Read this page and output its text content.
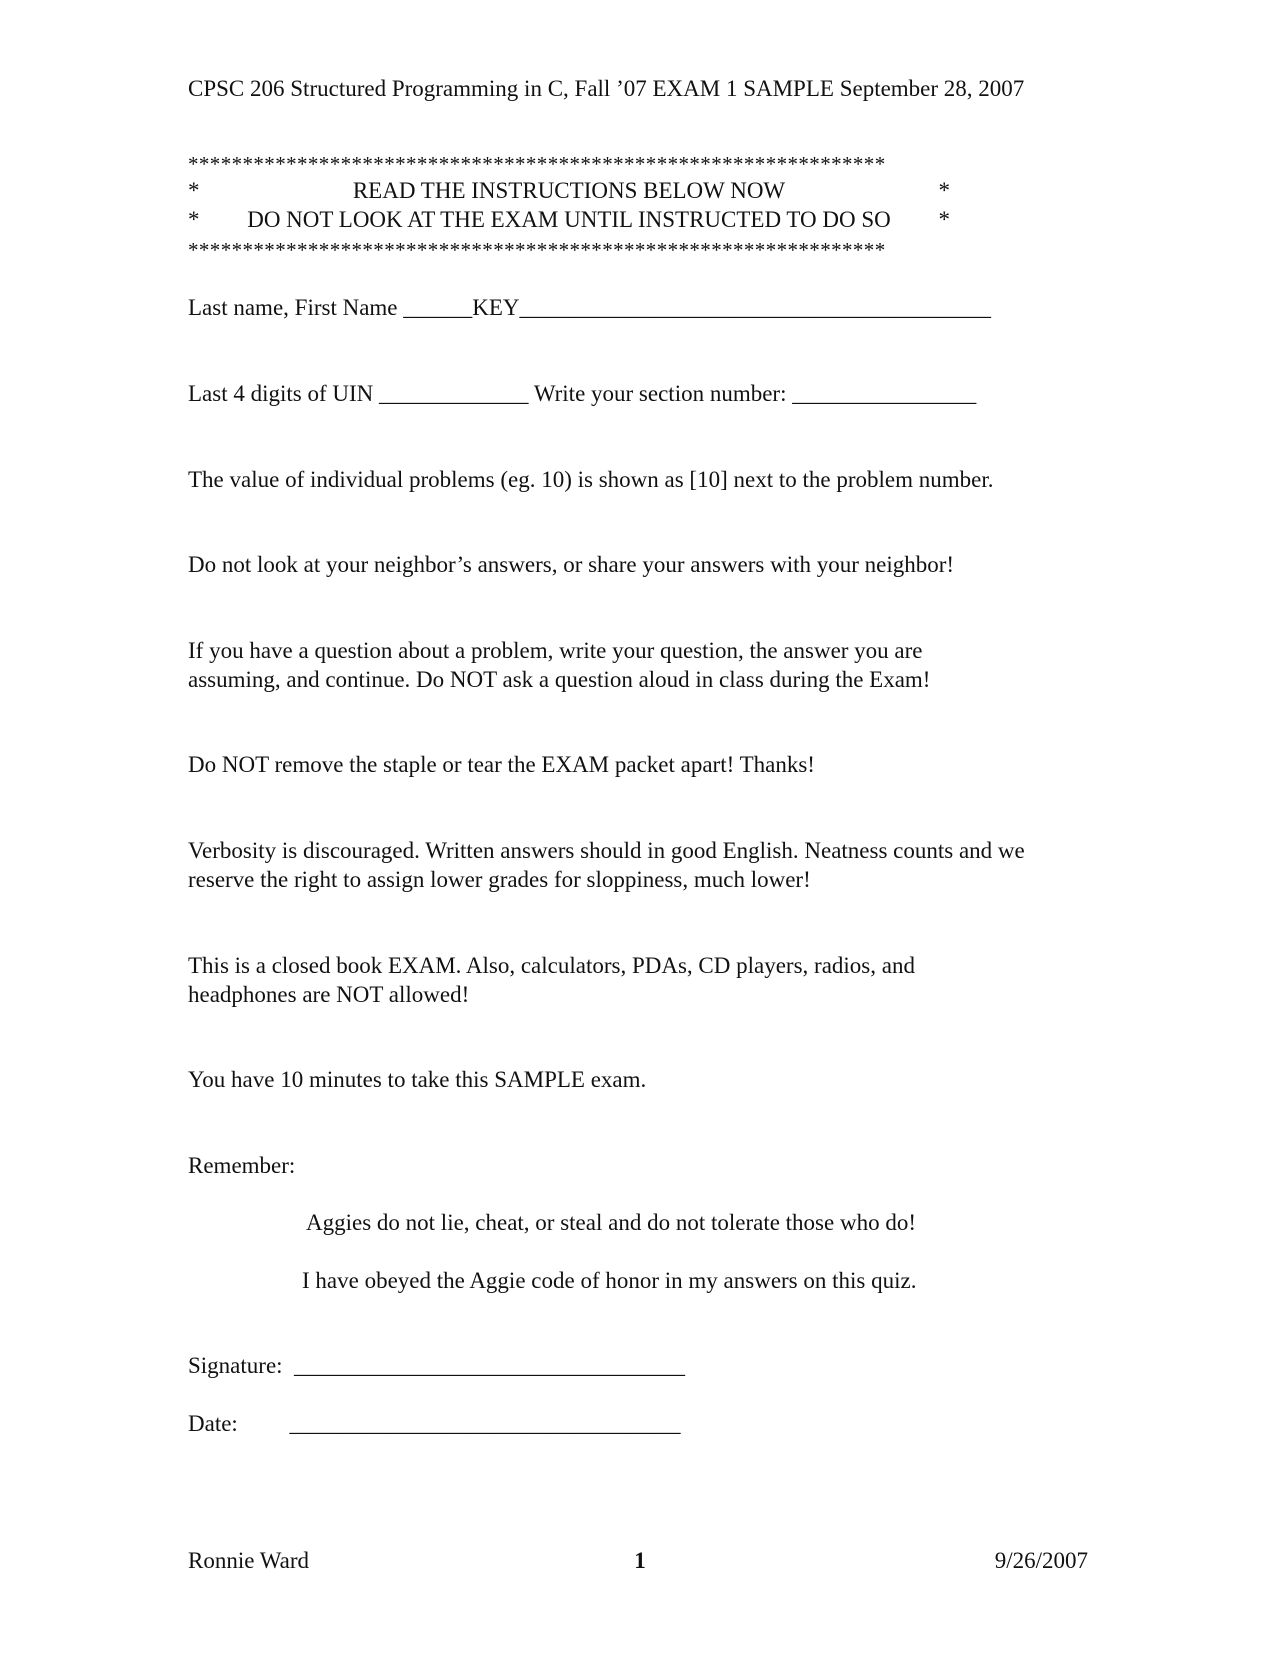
CPSC 206 Structured Programming in C, Fall ’07 EXAM 1 SAMPLE September 28, 2007
****************************************************************
*	READ THE INSTRUCTIONS BELOW NOW	*
*	DO NOT LOOK AT THE EXAM UNTIL INSTRUCTED TO DO SO	*
****************************************************************
Last name, First Name ______KEY_________________________________________
Last 4 digits of UIN _____________ Write your section number: ________________

The value of individual problems (eg. 10) is shown as [10] next to the problem number.

Do not look at your neighbor’s answers, or share your answers with your neighbor!

If you have a question about a problem, write your question, the answer you are assuming, and continue. Do NOT ask a question aloud in class during the Exam!

Do NOT remove the staple or tear the EXAM packet apart! Thanks!

Verbosity is discouraged. Written answers should in good English. Neatness counts and we reserve the right to assign lower grades for sloppiness, much lower!

This is a closed book EXAM. Also, calculators, PDAs, CD players, radios, and headphones are NOT allowed!

You have 10 minutes to take this SAMPLE exam.

Remember:
Aggies do not lie, cheat, or steal and do not tolerate those who do!
I have obeyed the Aggie code of honor in my answers on this quiz.
Signature:  __________________________________
Date:         __________________________________
Ronnie Ward	1	9/26/2007
